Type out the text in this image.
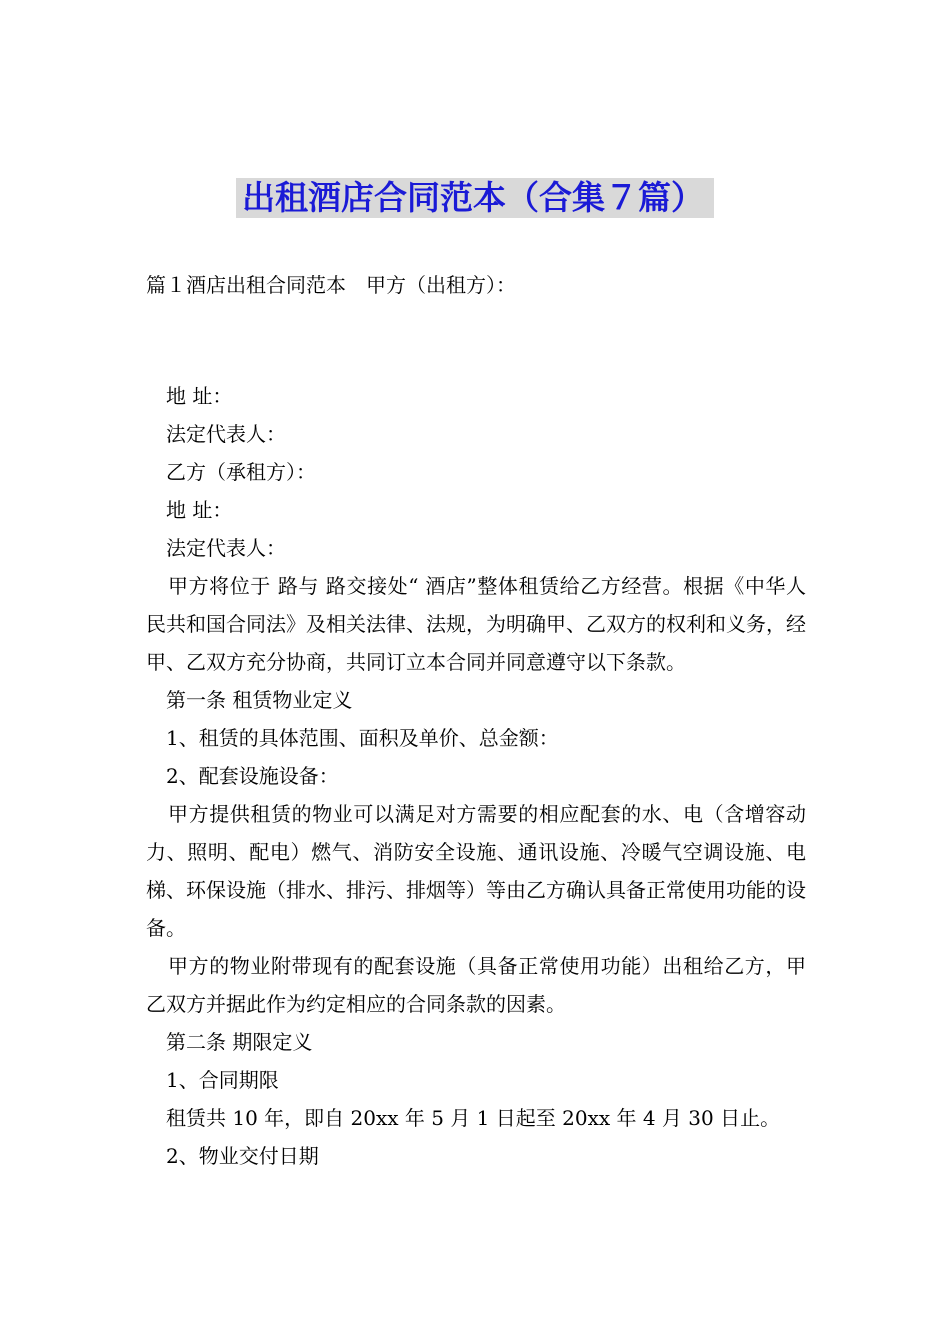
出租酒店合同范本（合集７篇）
篇１酒店出租合同范本　甲方（出租方）：
地 址：
法定代表人：
乙方（承租方）：
地 址：
法定代表人：
甲方将位于 路与 路交接处“ 酒店”整体租赁给乙方经营。根据《中华人民共和国合同法》及相关法律、法规，为明确甲、乙双方的权利和义务，经甲、乙双方充分协商，共同订立本合同并同意遵守以下条款。
第一条 租赁物业定义
1、租赁的具体范围、面积及单价、总金额：
2、配套设施设备：
甲方提供租赁的物业可以满足对方需要的相应配套的水、电（含增容动力、照明、配电）燃气、消防安全设施、通讯设施、冷暖气空调设施、电梯、环保设施（排水、排污、排烟等）等由乙方确认具备正常使用功能的设备。
甲方的物业附带现有的配套设施（具备正常使用功能）出租给乙方，甲乙双方并据此作为约定相应的合同条款的因素。
第二条 期限定义
1、合同期限
租赁共 10 年，即自 20xx 年 5 月 1 日起至 20xx 年 4 月 30 日止。
2、物业交付日期
